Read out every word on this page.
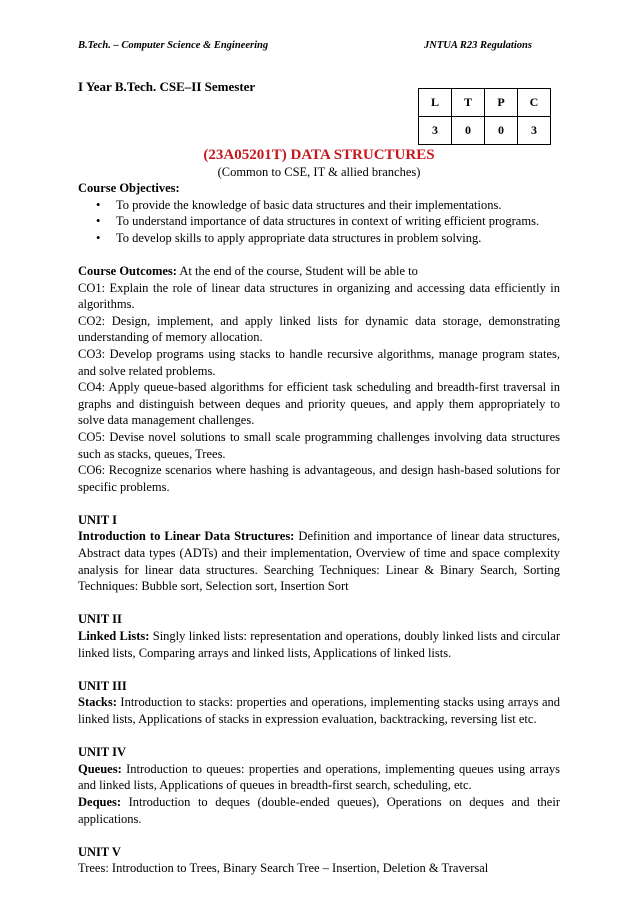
B.Tech. – Computer Science & Engineering	JNTUA R23 Regulations
I Year B.Tech. CSE–II Semester
L	T	P	C
3	0	0	3
(23A05201T) DATA STRUCTURES
(Common to CSE, IT & allied branches)

Course Objectives:

• To provide the knowledge of basic data structures and their implementations.
• To understand importance of data structures in context of writing efficient programs.
• To develop skills to apply appropriate data structures in problem solving.

Course Outcomes: At the end of the course, Student will be able to

CO1: Explain the role of linear data structures in organizing and accessing data efficiently in algorithms.

CO2: Design, implement, and apply linked lists for dynamic data storage, demonstrating understanding of memory allocation.

CO3: Develop programs using stacks to handle recursive algorithms, manage program states, and solve related problems.

CO4: Apply queue-based algorithms for efficient task scheduling and breadth-first traversal in graphs and distinguish between deques and priority queues, and apply them appropriately to solve data management challenges.

CO5: Devise novel solutions to small scale programming challenges involving data structures such as stacks, queues, Trees.

CO6: Recognize scenarios where hashing is advantageous, and design hash-based solutions for specific problems.

UNIT I

Introduction to Linear Data Structures: Definition and importance of linear data structures, Abstract data types (ADTs) and their implementation, Overview of time and space complexity analysis for linear data structures. Searching Techniques: Linear & Binary Search, Sorting Techniques: Bubble sort, Selection sort, Insertion Sort

UNIT II

Linked Lists: Singly linked lists: representation and operations, doubly linked lists and circular linked lists, Comparing arrays and linked lists, Applications of linked lists.

UNIT III

Stacks: Introduction to stacks: properties and operations, implementing stacks using arrays and linked lists, Applications of stacks in expression evaluation, backtracking, reversing list etc.

UNIT IV

Queues: Introduction to queues: properties and operations, implementing queues using arrays and linked lists, Applications of queues in breadth-first search, scheduling, etc.

Deques: Introduction to deques (double-ended queues), Operations on deques and their applications.

UNIT V

Trees: Introduction to Trees, Binary Search Tree – Insertion, Deletion & Traversal
